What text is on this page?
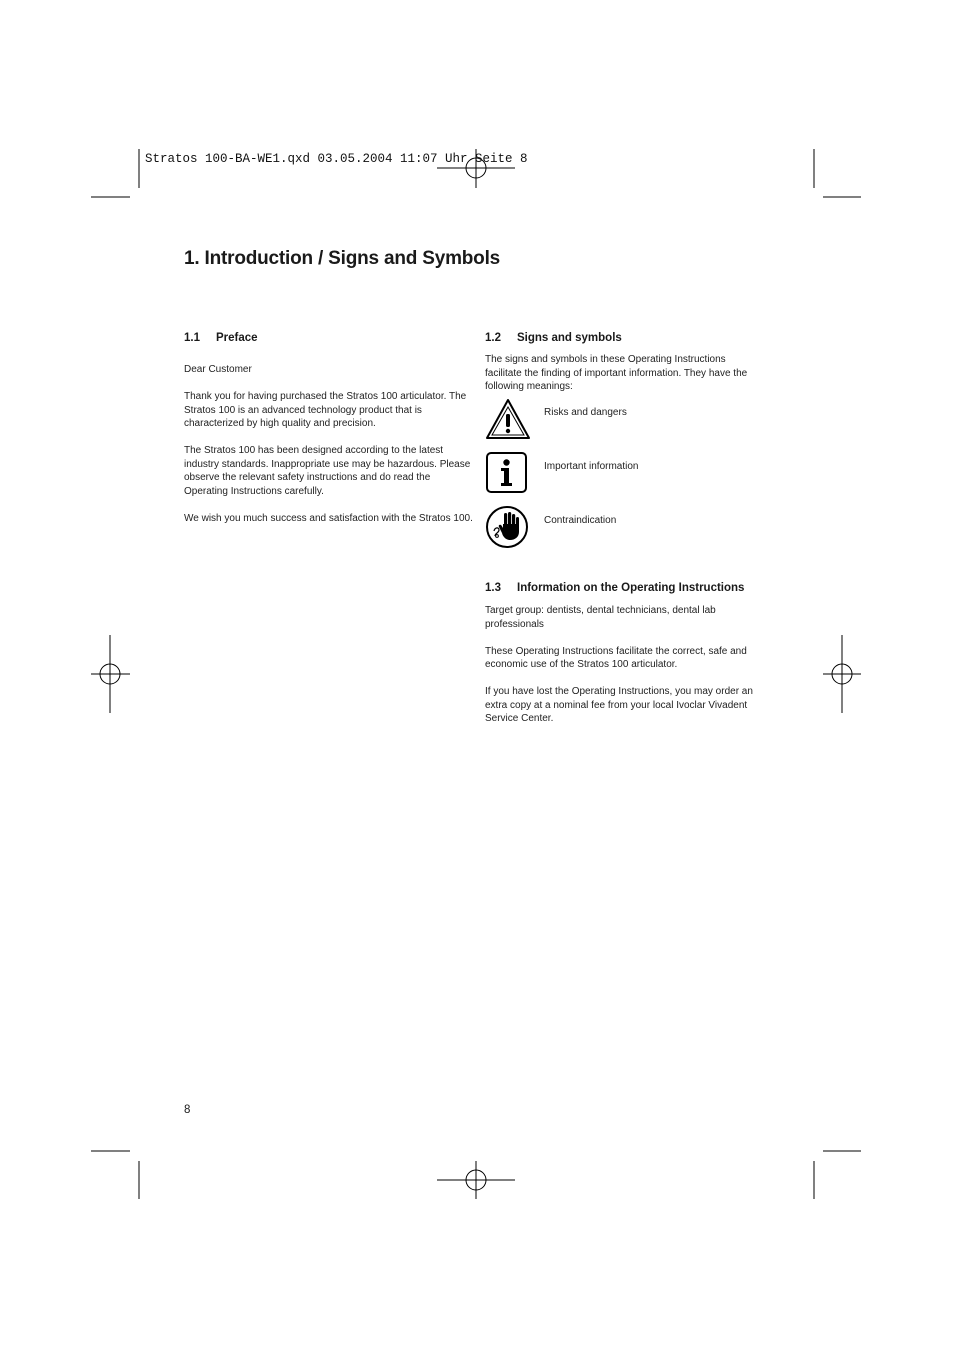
Stratos 100-BA-WE1.qxd 03.05.2004 11:07 Uhr Seite 8
1. Introduction / Signs and Symbols
1.1 Preface

Dear Customer

Thank you for having purchased the Stratos 100 articulator. The Stratos 100 is an advanced technology product that is characterized by high quality and precision.

The Stratos 100 has been designed according to the latest industry standards. Inappropriate use may be hazardous. Please observe the relevant safety instructions and do read the Operating Instructions carefully.

We wish you much success and satisfaction with the Stratos 100.

1.2 Signs and symbols
The signs and symbols in these Operating Instructions facilitate the finding of important information. They have the following meanings:
Risks and dangers
Important information
Contraindication
1.3 Information on the Operating Instructions

Target group: dentists, dental technicians, dental lab professionals

These Operating Instructions facilitate the correct, safe and economic use of the Stratos 100 articulator.

If you have lost the Operating Instructions, you may order an extra copy at a nominal fee from your local Ivoclar Vivadent Service Center.

8
